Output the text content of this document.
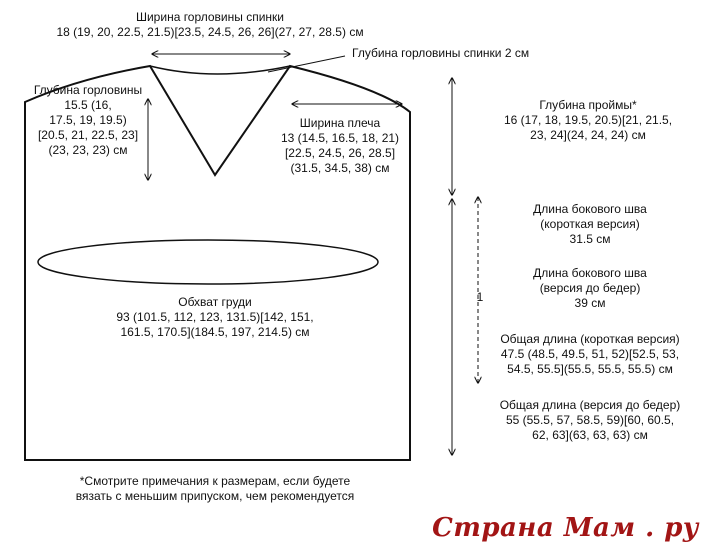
Ширина горловины спинки
18 (19, 20, 22.5, 21.5)[23.5, 24.5, 26, 26](27, 27, 28.5) см
Глубина горловины спинки 2 см
Глубина горловины
15.5 (16,
17.5, 19, 19.5)
[20.5, 21, 22.5, 23]
(23, 23, 23) см
Ширина плеча
13 (14.5, 16.5, 18, 21)
[22.5, 24.5, 26, 28.5]
(31.5, 34.5, 38) см
Глубина проймы*
16 (17, 18, 19.5, 20.5)[21, 21.5,
23, 24](24, 24, 24) см
Длина бокового шва
(короткая версия)
31.5 см
Длина бокового шва
(версия до бедер)
39 см
Общая длина (короткая версия)
47.5 (48.5, 49.5, 51, 52)[52.5, 53,
54.5, 55.5](55.5, 55.5, 55.5) см
Общая длина (версия до бедер)
55 (55.5, 57, 58.5, 59)[60, 60.5,
62, 63](63, 63, 63) см
Обхват груди
93 (101.5, 112, 123, 131.5)[142, 151,
161.5, 170.5](184.5, 197, 214.5) см
1
*Смотрите примечания к размерам, если будете
вязать с меньшим припуском, чем рекомендуется
Страна Мам . ру
